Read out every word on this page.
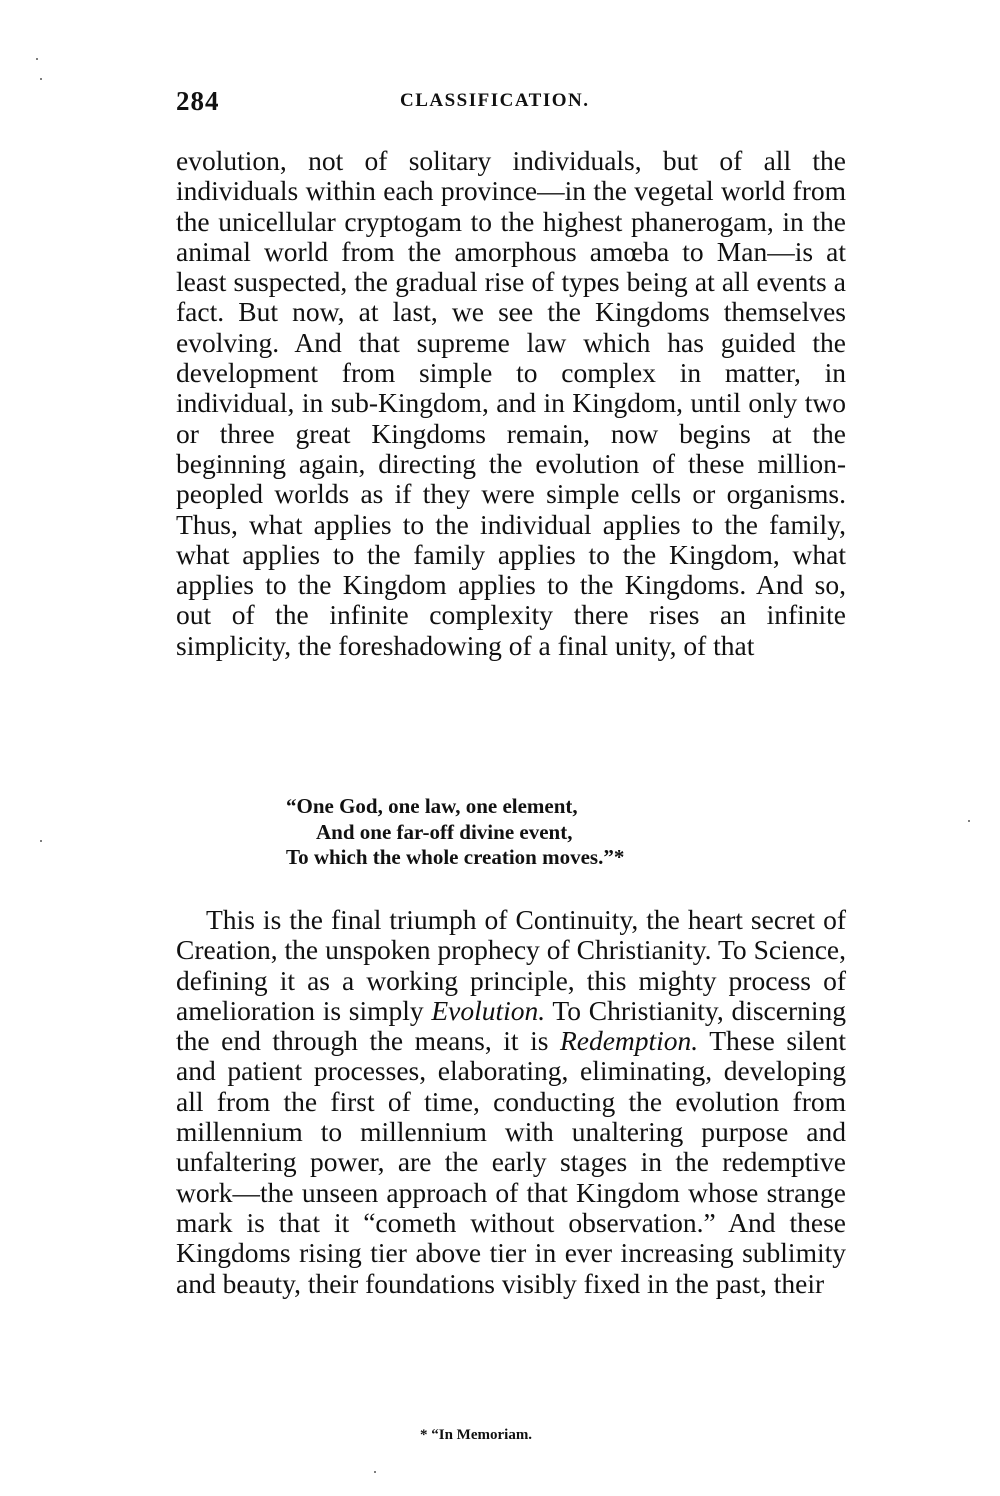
284	CLASSIFICATION.

evolution, not of solitary individuals, but of all the individuals within each province—in the vegetal world from the unicellular cryptogam to the highest phanerogam, in the animal world from the amorphous amœba to Man—is at least suspected, the gradual rise of types being at all events a fact. But now, at last, we see the Kingdoms themselves evolving. And that supreme law which has guided the development from simple to complex in matter, in individual, in sub-Kingdom, and in Kingdom, until only two or three great Kingdoms remain, now begins at the beginning again, directing the evolution of these million-peopled worlds as if they were simple cells or organisms. Thus, what applies to the individual applies to the family, what applies to the family applies to the Kingdom, what applies to the Kingdom applies to the Kingdoms. And so, out of the infinite complexity there rises an infinite simplicity, the foreshadowing of a final unity, of that

“One God, one law, one element,
And one far-off divine event,
To which the whole creation moves.”*

This is the final triumph of Continuity, the heart secret of Creation, the unspoken prophecy of Christianity. To Science, defining it as a working principle, this mighty process of amelioration is simply Evolution. To Christianity, discerning the end through the means, it is Redemption. These silent and patient processes, elaborating, eliminating, developing all from the first of time, conducting the evolution from millennium to millennium with unaltering purpose and unfaltering power, are the early stages in the redemptive work—the unseen approach of that Kingdom whose strange mark is that it “cometh without observation.” And these Kingdoms rising tier above tier in ever increasing sublimity and beauty, their foundations visibly fixed in the past, their

* “In Memoriam.
